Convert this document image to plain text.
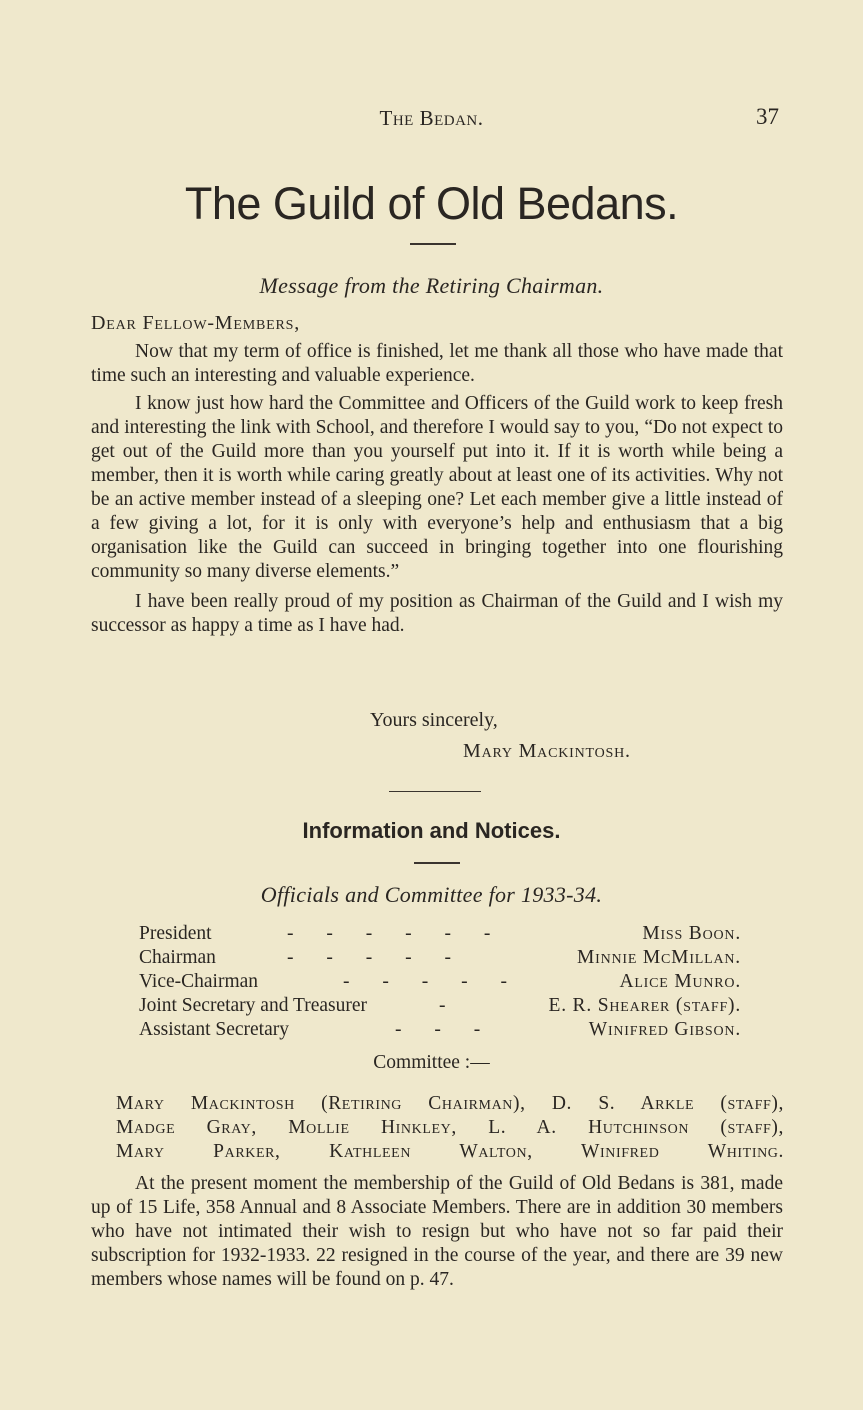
The Bedan.	37
The Guild of Old Bedans.
Message from the Retiring Chairman.
Dear Fellow-Members,

Now that my term of office is finished, let me thank all those who have made that time such an interesting and valuable experience.

I know just how hard the Committee and Officers of the Guild work to keep fresh and interesting the link with School, and therefore I would say to you, “Do not expect to get out of the Guild more than you yourself put into it. If it is worth while being a member, then it is worth while caring greatly about at least one of its activities. Why not be an active member instead of a sleeping one? Let each member give a little instead of a few giving a lot, for it is only with everyone’s help and enthusiasm that a big organisation like the Guild can succeed in bringing together into one flourishing community so many diverse elements.”

I have been really proud of my position as Chairman of the Guild and I wish my successor as happy a time as I have had.

Yours sincerely,
Mary Mackintosh.
Information and Notices.
Officials and Committee for 1933-34.
President	- - - - - -	Miss Boon.
Chairman	- - - - -	Minnie McMillan.
Vice-Chairman	- - - - -	Alice Munro.
Joint Secretary and Treasurer	-	E. R. Shearer (staff).
Assistant Secretary	- - -	Winifred Gibson.
Committee :—
Mary Mackintosh (Retiring Chairman), D. S. Arkle (staff),
Madge Gray, Mollie Hinkley, L. A. Hutchinson (staff),
Mary Parker, Kathleen Walton, Winifred Whiting.

At the present moment the membership of the Guild of Old Bedans is 381, made up of 15 Life, 358 Annual and 8 Associate Members. There are in addition 30 members who have not intimated their wish to resign but who have not so far paid their subscription for 1932-1933. 22 resigned in the course of the year, and there are 39 new members whose names will be found on p. 47.
